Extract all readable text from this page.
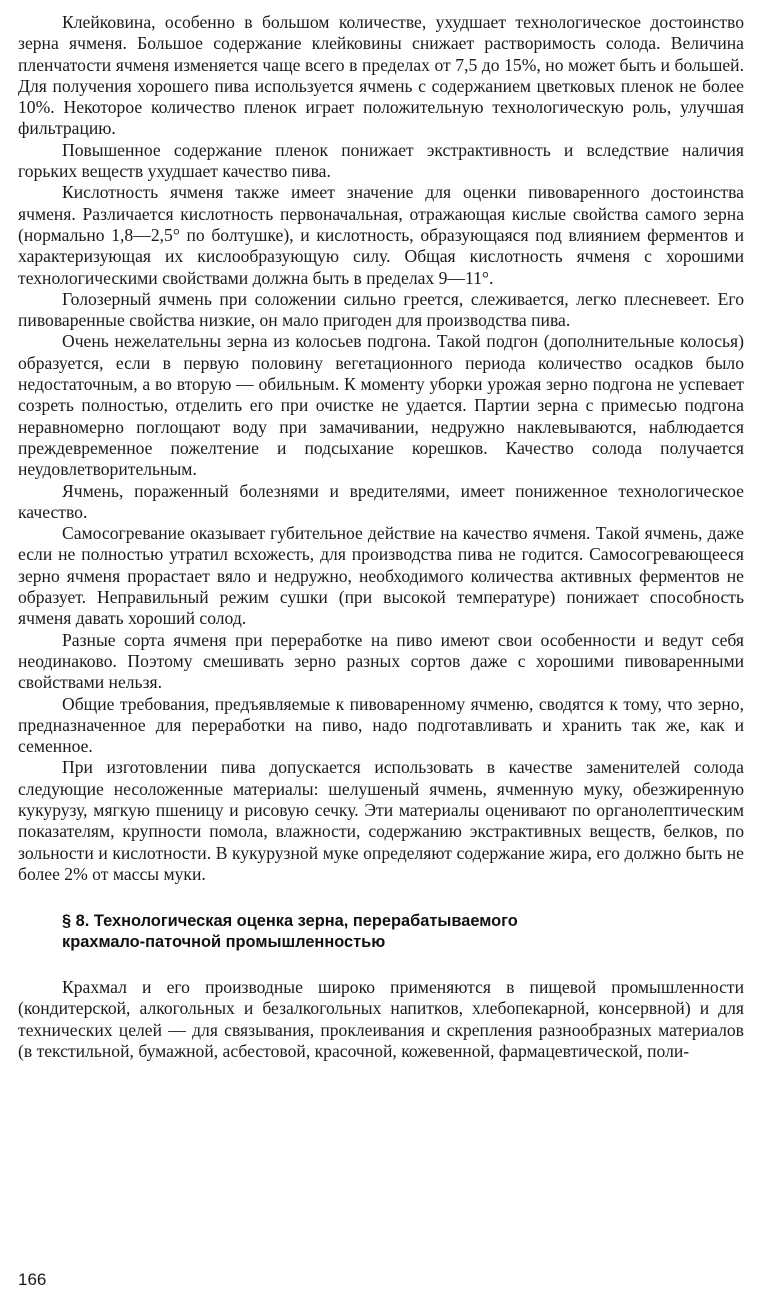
Клейковина, особенно в большом количестве, ухудшает технологическое достоинство зерна ячменя. Большое содержание клейковины снижает растворимость солода. Величина пленчатости ячменя изменяется чаще всего в пределах от 7,5 до 15%, но может быть и большей. Для получения хорошего пива используется ячмень с содержанием цветковых пленок не более 10%. Некоторое количество пленок играет положительную технологическую роль, улучшая фильтрацию.

Повышенное содержание пленок понижает экстрактивность и вследствие наличия горьких веществ ухудшает качество пива.

Кислотность ячменя также имеет значение для оценки пивоваренного достоинства ячменя. Различается кислотность первоначальная, отражающая кислые свойства самого зерна (нормально 1,8—2,5° по болтушке), и кислотность, образующаяся под влиянием ферментов и характеризующая их кислообразующую силу. Общая кислотность ячменя с хорошими технологическими свойствами должна быть в пределах 9—11°.

Голозерный ячмень при соложении сильно греется, слеживается, легко плесневеет. Его пивоваренные свойства низкие, он мало пригоден для производства пива.

Очень нежелательны зерна из колосьев подгона. Такой подгон (дополнительные колосья) образуется, если в первую половину вегетационного периода количество осадков было недостаточным, а во вторую — обильным. К моменту уборки урожая зерно подгона не успевает созреть полностью, отделить его при очистке не удается. Партии зерна с примесью подгона неравномерно поглощают воду при замачивании, недружно наклевываются, наблюдается преждевременное пожелтение и подсыхание корешков. Качество солода получается неудовлетворительным.

Ячмень, пораженный болезнями и вредителями, имеет пониженное технологическое качество.

Самосогревание оказывает губительное действие на качество ячменя. Такой ячмень, даже если не полностью утратил всхожесть, для производства пива не годится. Самосогревающееся зерно ячменя прорастает вяло и недружно, необходимого количества активных ферментов не образует. Неправильный режим сушки (при высокой температуре) понижает способность ячменя давать хороший солод.

Разные сорта ячменя при переработке на пиво имеют свои особенности и ведут себя неодинаково. Поэтому смешивать зерно разных сортов даже с хорошими пивоваренными свойствами нельзя.

Общие требования, предъявляемые к пивоваренному ячменю, сводятся к тому, что зерно, предназначенное для переработки на пиво, надо подготавливать и хранить так же, как и семенное.

При изготовлении пива допускается использовать в качестве заменителей солода следующие несоложенные материалы: шелушеный ячмень, ячменную муку, обезжиренную кукурузу, мягкую пшеницу и рисовую сечку. Эти материалы оценивают по органолептическим показателям, крупности помола, влажности, содержанию экстрактивных веществ, белков, по зольности и кислотности. В кукурузной муке определяют содержание жира, его должно быть не более 2% от массы муки.

§ 8. Технологическая оценка зерна, перерабатываемого
крахмало-паточной промышленностью

Крахмал и его производные широко применяются в пищевой промышленности (кондитерской, алкогольных и безалкогольных напитков, хлебопекарной, консервной) и для технических целей — для связывания, проклеивания и скрепления разнообразных материалов (в текстильной, бумажной, асбестовой, красочной, кожевенной, фармацевтической, поли-

166
